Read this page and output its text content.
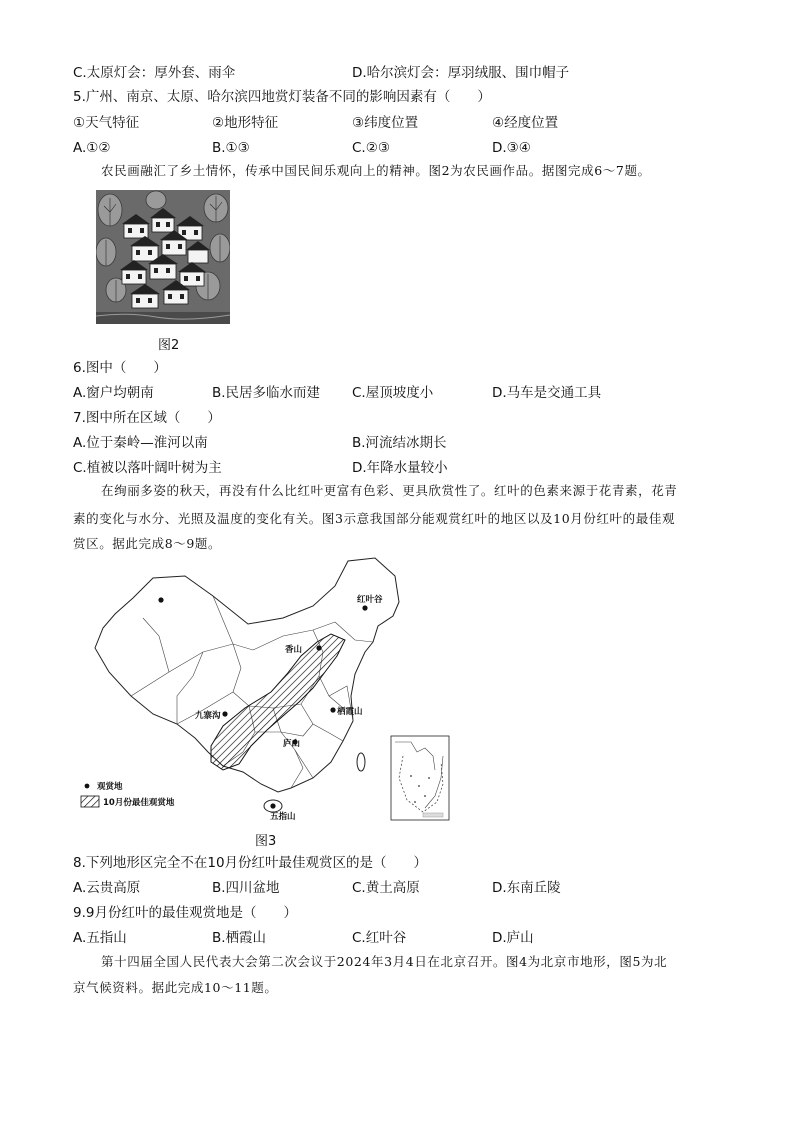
C.太原灯会：厚外套、雨伞	D.哈尔滨灯会：厚羽绒服、围巾帽子
5.广州、南京、太原、哈尔滨四地赏灯装备不同的影响因素有（　　）
①天气特征	②地形特征	③纬度位置	④经度位置
A.①②	B.①③	C.②③	D.③④
农民画融汇了乡土情怀，传承中国民间乐观向上的精神。图2为农民画作品。据图完成6～7题。
图2
6.图中（　　）
A.窗户均朝南	B.民居多临水而建 C.屋顶坡度小	D.马车是交通工具
7.图中所在区域（　　）
A.位于秦岭—淮河以南	B.河流结冰期长
C.植被以落叶阔叶树为主	D.年降水量较小
在绚丽多姿的秋天，再没有什么比红叶更富有色彩、更具欣赏性了。红叶的色素来源于花青素，花青
素的变化与水分、光照及温度的变化有关。图3示意我国部分能观赏红叶的地区以及10月份红叶的最佳观
赏区。据此完成8～9题。
红叶谷
香山
九寨沟	栖霞山
庐山
五指山
观赏地
10月份最佳观赏地
图3
8.下列地形区完全不在10月份红叶最佳观赏区的是（　　）
A.云贵高原	B.四川盆地	C.黄土高原	D.东南丘陵
9.9月份红叶的最佳观赏地是（　　）
A.五指山	B.栖霞山	C.红叶谷	D.庐山
第十四届全国人民代表大会第二次会议于2024年3月4日在北京召开。图4为北京市地形，图5为北
京气候资料。据此完成10～11题。
